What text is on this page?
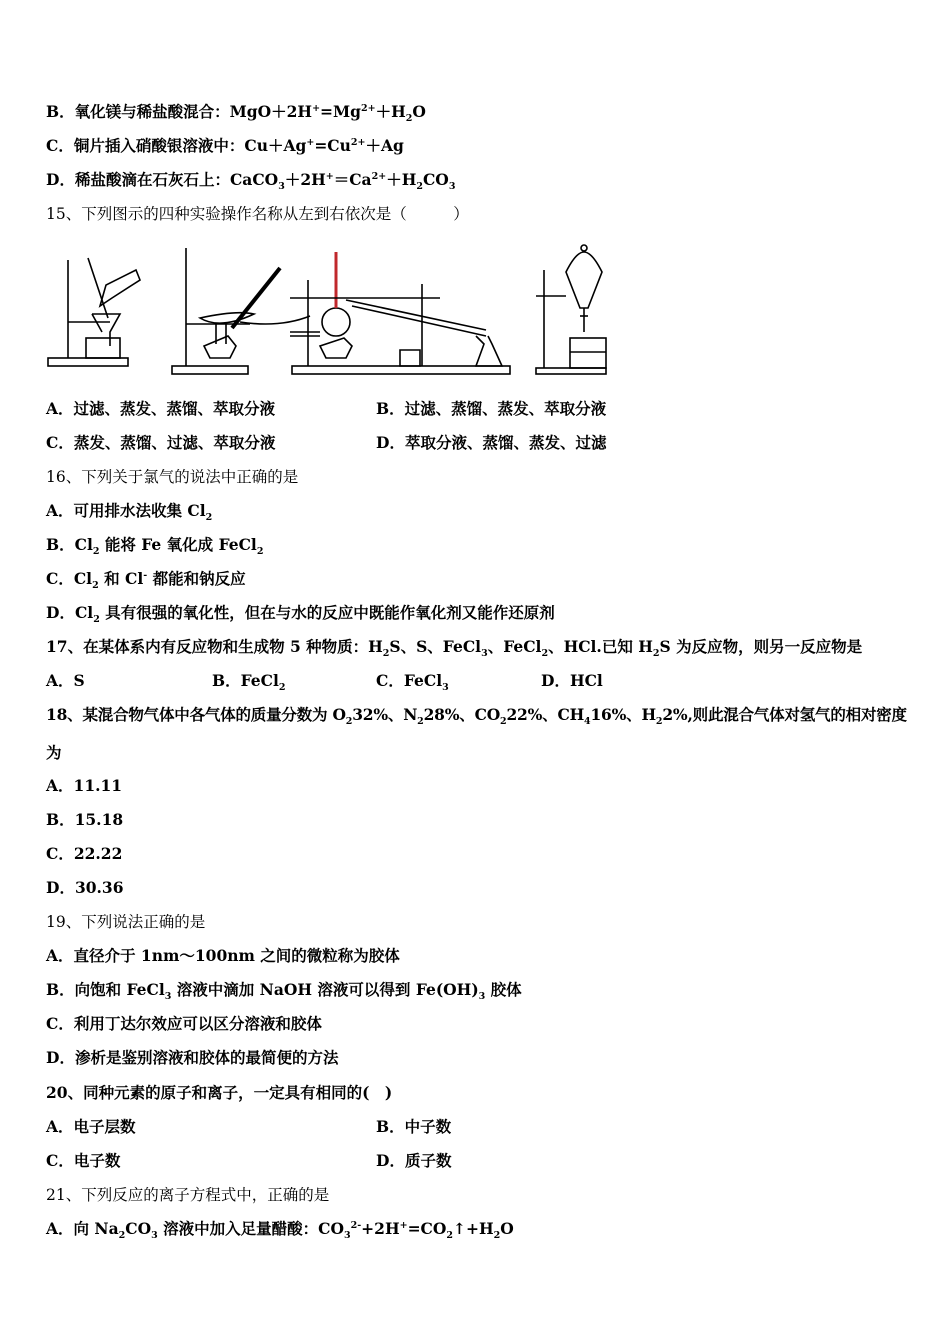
B．氧化镁与稀盐酸混合：$MgO+2H^+=Mg^{2+}+H_2O$
C．铜片插入硝酸银溶液中：$Cu+Ag^+=Cu^{2+}+Ag$
D．稀盐酸滴在石灰石上：$CaCO_3+2H^+=Ca^{2+}+H_2CO_3$
15、下列图示的四种实验操作名称从左到右依次是（　　　）
A．过滤、蒸发、蒸馏、萃取分液	B．过滤、蒸馏、蒸发、萃取分液
C．蒸发、蒸馏、过滤、萃取分液	D．萃取分液、蒸馏、蒸发、过滤
16、下列关于氯气的说法中正确的是
A．可用排水法收集 $Cl_2$
B．$Cl_2$ 能将 Fe 氧化成 FeCl$_2$
C．$Cl_2$ 和 Cl- 都能和钠反应
D．$Cl_2$ 具有很强的氧化性，但在与水的反应中既能作氧化剂又能作还原剂
17、在某体系内有反应物和生成物 5 种物质：$H_2S$、S、FeCl$_3$、FeCl$_2$、HCl.已知 $H_2S$ 为反应物，则另一反应物是
A．S	B．FeCl$_2$	C．FeCl$_3$	D．HCl
18、某混合物气体中各气体的质量分数为 $O_232\%$、$N_228\%$、$CO_222\%$、$CH_416\%$、$H_22\%$,则此混合气体对氢气的相对密度
为
A．11.11
B．15.18
C．22.22
D．30.36
19、下列说法正确的是
A．直径介于 1nm～100nm 之间的微粒称为胶体
B．向饱和 FeCl$_3$ 溶液中滴加 NaOH 溶液可以得到 $Fe(OH)_3$ 胶体
C．利用丁达尔效应可以区分溶液和胶体
D．渗析是鉴别溶液和胶体的最简便的方法
20、同种元素的原子和离子，一定具有相同的(　)
A．电子层数	B．中子数
C．电子数	D．质子数
21、下列反应的离子方程式中，正确的是
A．向 $Na_2CO_3$ 溶液中加入足量醋酸：$CO_3^{2-}+2H^+=CO_2↑+H_2O$
